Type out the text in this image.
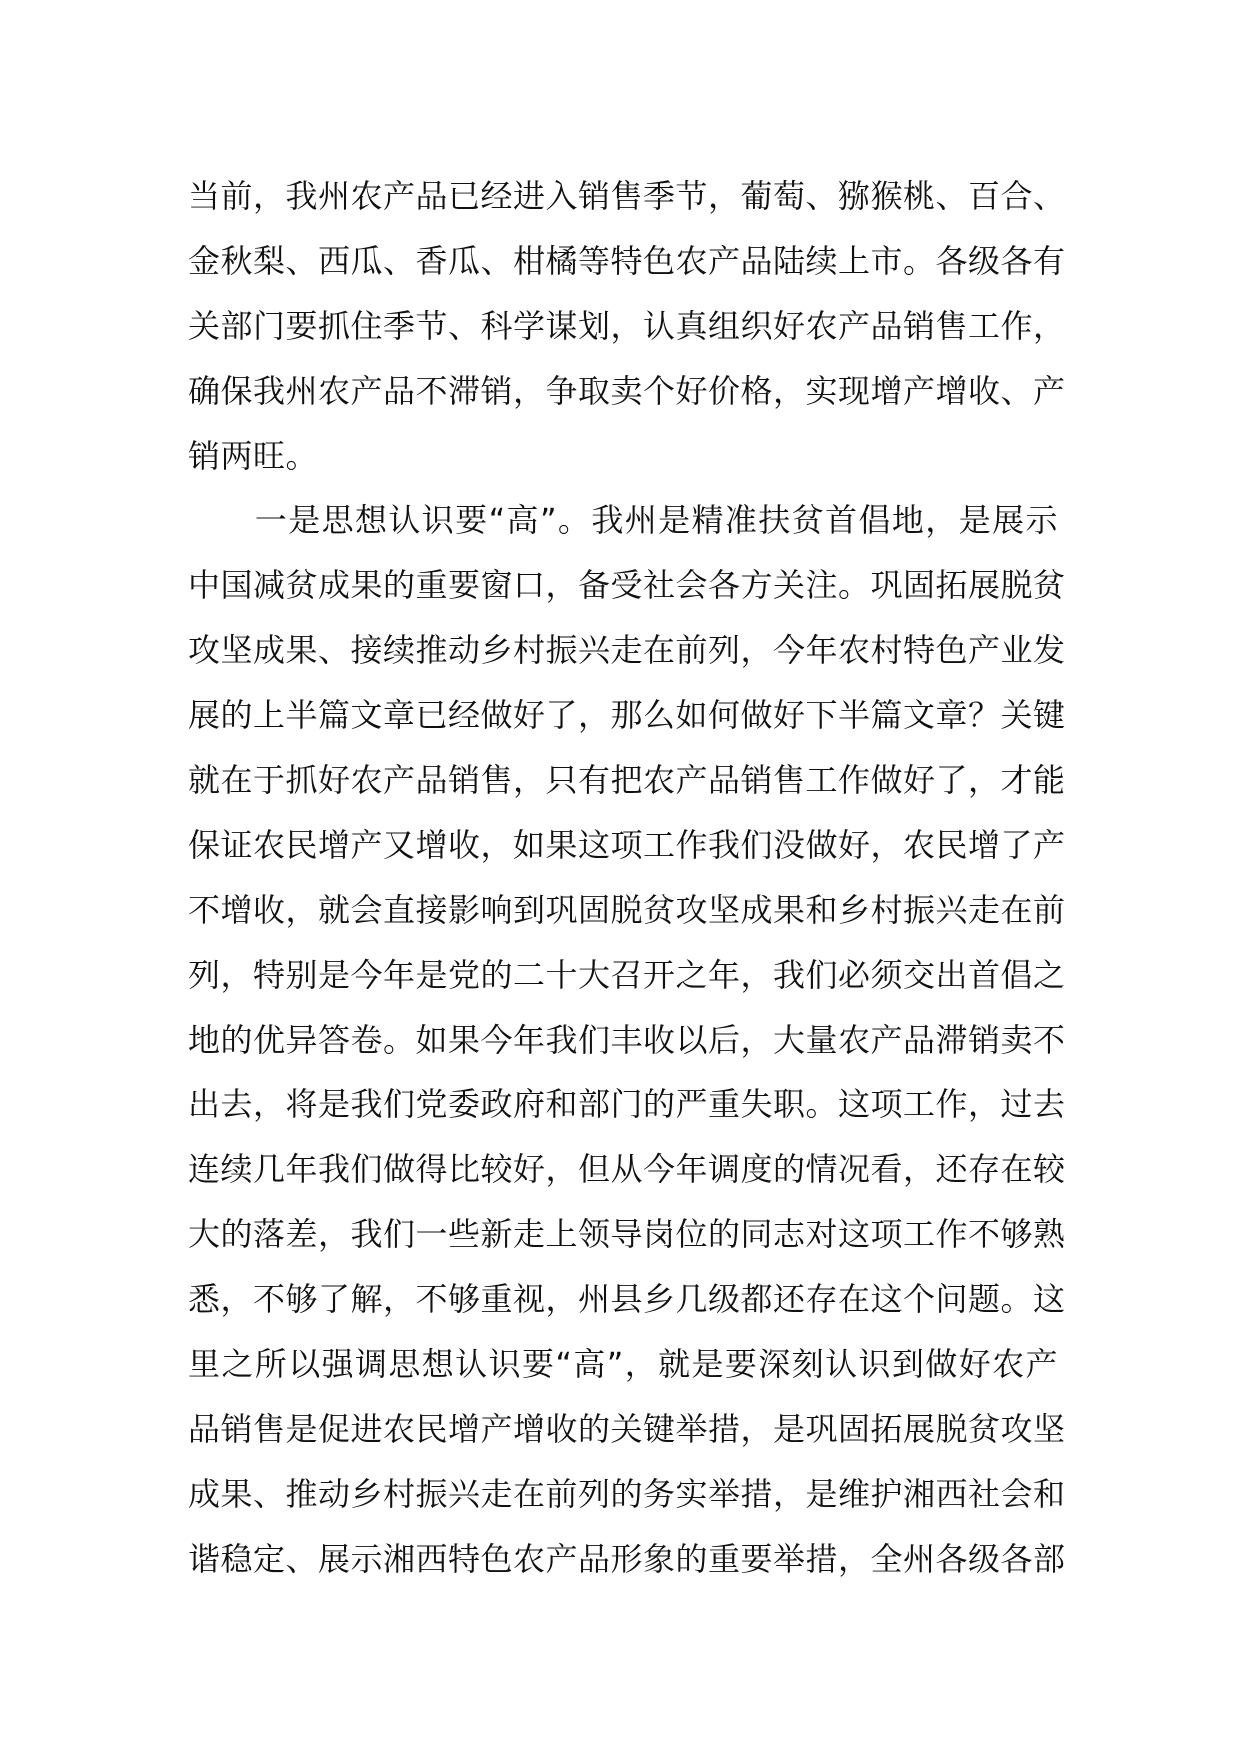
当前，我州农产品已经进入销售季节，葡萄、猕猴桃、百合、
金秋梨、西瓜、香瓜、柑橘等特色农产品陆续上市。各级各有
关部门要抓住季节、科学谋划，认真组织好农产品销售工作，
确保我州农产品不滞销，争取卖个好价格，实现增产增收、产
销两旺。
　　一是思想认识要“高”。我州是精准扶贫首倡地，是展示
中国减贫成果的重要窗口，备受社会各方关注。巩固拓展脱贫
攻坚成果、接续推动乡村振兴走在前列，今年农村特色产业发
展的上半篇文章已经做好了，那么如何做好下半篇文章？关键
就在于抓好农产品销售，只有把农产品销售工作做好了，才能
保证农民增产又增收，如果这项工作我们没做好，农民增了产
不增收，就会直接影响到巩固脱贫攻坚成果和乡村振兴走在前
列，特别是今年是党的二十大召开之年，我们必须交出首倡之
地的优异答卷。如果今年我们丰收以后，大量农产品滞销卖不
出去，将是我们党委政府和部门的严重失职。这项工作，过去
连续几年我们做得比较好，但从今年调度的情况看，还存在较
大的落差，我们一些新走上领导岗位的同志对这项工作不够熟
悉，不够了解，不够重视，州县乡几级都还存在这个问题。这
里之所以强调思想认识要“高”，就是要深刻认识到做好农产
品销售是促进农民增产增收的关键举措，是巩固拓展脱贫攻坚
成果、推动乡村振兴走在前列的务实举措，是维护湘西社会和
谐稳定、展示湘西特色农产品形象的重要举措，全州各级各部
